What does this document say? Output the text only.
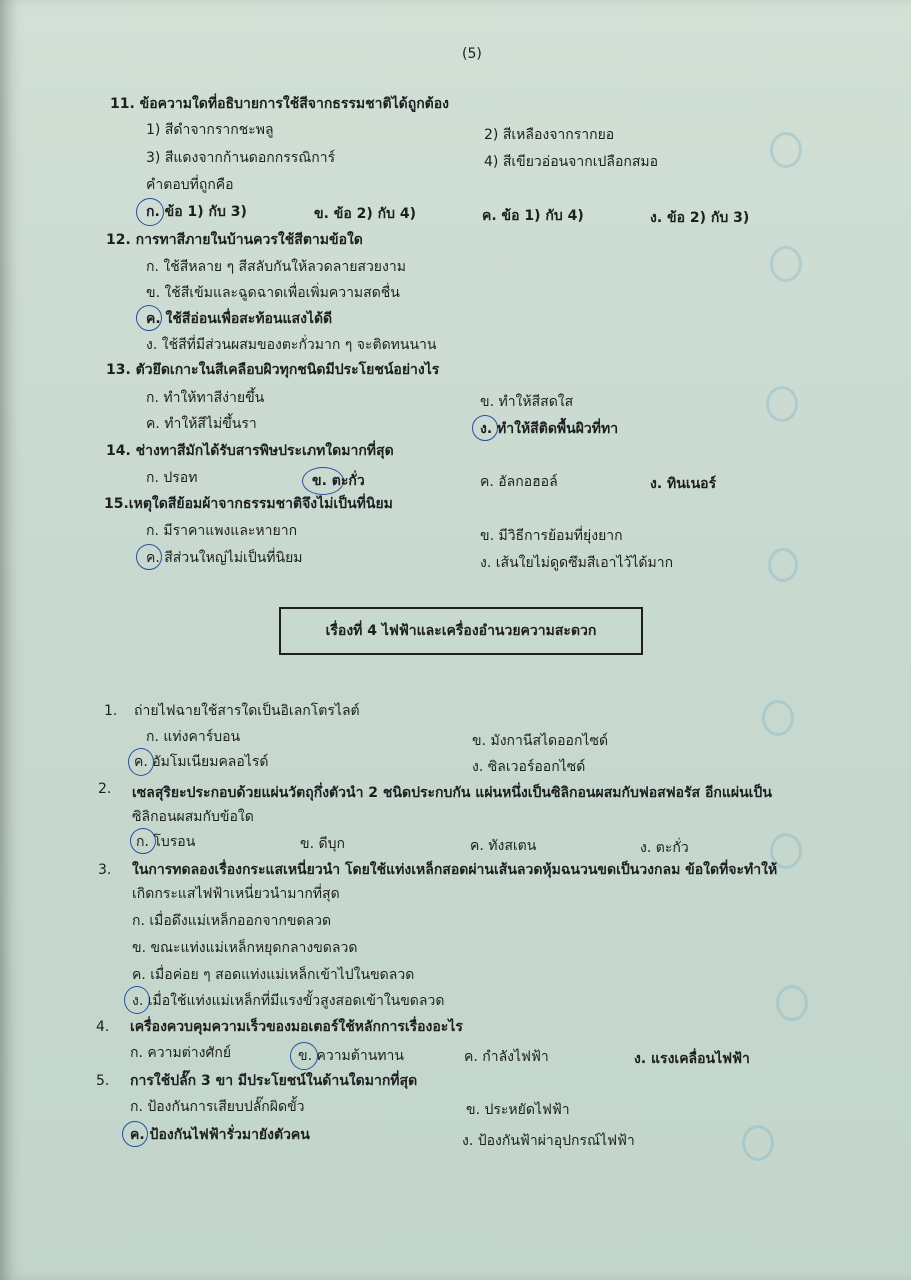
(5)
11. ข้อความใดที่อธิบายการใช้สีจากธรรมชาติได้ถูกต้อง
1) สีดำจากรากชะพลู	2) สีเหลืองจากรากยอ
3) สีแดงจากก้านดอกกรรณิการ์	4) สีเขียวอ่อนจากเปลือกสมอ
คำตอบที่ถูกคือ
ก. ข้อ 1) กับ 3)	ข. ข้อ 2) กับ 4)	ค. ข้อ 1) กับ 4)	ง. ข้อ 2) กับ 3)
12. การทาสีภายในบ้านควรใช้สีตามข้อใด
ก. ใช้สีหลาย ๆ สีสลับกันให้ลวดลายสวยงาม
ข. ใช้สีเข้มและฉูดฉาดเพื่อเพิ่มความสดชื่น
ค. ใช้สีอ่อนเพื่อสะท้อนแสงได้ดี
ง. ใช้สีที่มีส่วนผสมของตะกั่วมาก ๆ จะติดทนนาน
13. ตัวยึดเกาะในสีเคลือบผิวทุกชนิดมีประโยชน์อย่างไร
ก. ทำให้ทาสีง่ายขึ้น	ข. ทำให้สีสดใส
ค. ทำให้สีไม่ขึ้นรา	ง. ทำให้สีติดพื้นผิวที่ทา
14. ช่างทาสีมักได้รับสารพิษประเภทใดมากที่สุด
ก. ปรอท	ข. ตะกั่ว	ค. อัลกอฮอล์	ง. ทินเนอร์
15.เหตุใดสีย้อมผ้าจากธรรมชาติจึงไม่เป็นที่นิยม
ก. มีราคาแพงและหายาก	ข. มีวิธีการย้อมที่ยุ่งยาก
ค. สีส่วนใหญ่ไม่เป็นที่นิยม	ง. เส้นใยไม่ดูดซึมสีเอาไว้ได้มาก
เรื่องที่ 4 ไฟฟ้าและเครื่องอำนวยความสะดวก
1. ถ่ายไฟฉายใช้สารใดเป็นอิเลกโตรไลต์
ก. แท่งคาร์บอน	ข. มังกานีสไดออกไซด์
ค. อัมโมเนียมคลอไรด์	ง. ซิลเวอร์ออกไซด์
2. เซลสุริยะประกอบด้วยแผ่นวัตถุกึ่งตัวนำ 2 ชนิดประกบกัน แผ่นหนึ่งเป็นซิลิกอนผสมกับฟอสฟอรัส อีกแผ่นเป็น
ซิลิกอนผสมกับข้อใด
ก. โบรอน	ข. ดีบุก	ค. ทังสเตน	ง. ตะกั่ว
3. ในการทดลองเรื่องกระแสเหนี่ยวนำ โดยใช้แท่งเหล็กสอดผ่านเส้นลวดหุ้มฉนวนขดเป็นวงกลม ข้อใดที่จะทำให้
เกิดกระแสไฟฟ้าเหนี่ยวนำมากที่สุด
ก. เมื่อดึงแม่เหล็กออกจากขดลวด
ข. ขณะแท่งแม่เหล็กหยุดกลางขดลวด
ค. เมื่อค่อย ๆ สอดแท่งแม่เหล็กเข้าไปในขดลวด
ง. เมื่อใช้แท่งแม่เหล็กที่มีแรงขั้วสูงสอดเข้าในขดลวด
4. เครื่องควบคุมความเร็วของมอเตอร์ใช้หลักการเรื่องอะไร
ก. ความต่างศักย์	ข. ความต้านทาน	ค. กำลังไฟฟ้า	ง. แรงเคลื่อนไฟฟ้า
5. การใช้ปลั๊ก 3 ขา มีประโยชน์ในด้านใดมากที่สุด
ก. ป้องกันการเสียบปลั๊กผิดขั้ว	ข. ประหยัดไฟฟ้า
ค. ป้องกันไฟฟ้ารั่วมายังตัวคน	ง. ป้องกันฟ้าผ่าอุปกรณ์ไฟฟ้า
